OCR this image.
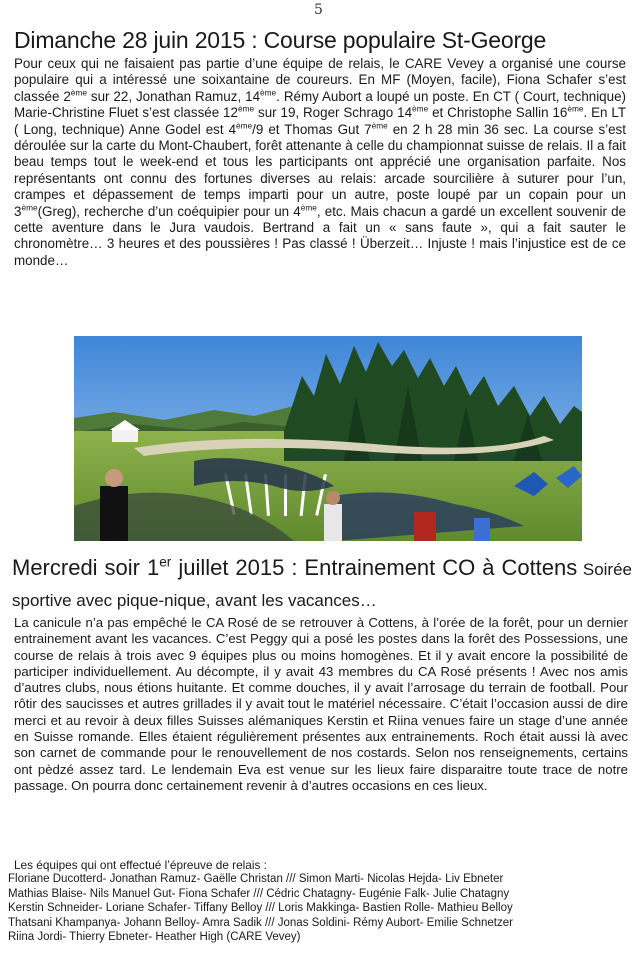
5
Dimanche 28 juin 2015 : Course populaire St-George
Pour ceux qui ne faisaient pas partie d’une équipe de relais, le CARE Vevey a organisé une course populaire qui a intéressé une soixantaine de coureurs. En MF (Moyen, facile), Fiona Schafer s’est classée 2ème sur 22, Jonathan Ramuz, 14ème. Rémy Aubort a loupé un poste. En CT ( Court, technique) Marie-Christine Fluet s’est classée 12ème sur 19, Roger Schrago 14ème et Christophe Sallin 16ème. En LT ( Long, technique) Anne Godel est 4ème/9 et Thomas Gut 7ème en 2 h 28 min 36 sec. La course s’est déroulée sur la carte du Mont-Chaubert, forêt attenante à celle du championnat suisse de relais. Il a fait beau temps tout le week-end et tous les participants ont apprécié une organisation parfaite. Nos représentants ont connu des fortunes diverses au relais: arcade sourcilière à suturer pour l’un, crampes et dépassement de temps imparti pour un autre, poste loupé par un copain pour un 3ème(Greg), recherche d’un coéquipier pour un 4ème, etc. Mais chacun a gardé un excellent souvenir de cette aventure dans le Jura vaudois. Bertrand a fait un « sans faute », qui a fait sauter le chronomètre… 3 heures et des poussières ! Pas classé ! Überzeit… Injuste ! mais l’injustice est de ce monde…
Mercredi soir 1er juillet 2015 : Entrainement CO à Cottens Soirée sportive avec pique-nique, avant les vacances…
La canicule n’a pas empêché le CA Rosé de se retrouver à Cottens, à l’orée de la forêt, pour un dernier entrainement avant les vacances. C’est Peggy qui a posé les postes dans la forêt des Possessions, une course de relais à trois avec 9 équipes plus ou moins homogènes. Et il y avait encore la possibilité de participer individuellement. Au décompte, il y avait 43 membres du CA Rosé présents ! Avec nos amis d’autres clubs, nous étions huitante. Et comme douches, il y avait l’arrosage du terrain de football. Pour rôtir des saucisses et autres grillades il y avait tout le matériel nécessaire. C’était l’occasion aussi de dire merci et au revoir à deux filles Suisses alémaniques Kerstin et Riina venues faire un stage d’une année en Suisse romande. Elles étaient régulièrement présentes aux entrainements. Roch était aussi là avec son carnet de commande pour le renouvellement de nos costards. Selon nos renseignements, certains ont pèdzé assez tard. Le lendemain Eva est venue sur les lieux faire disparaitre toute trace de notre passage. On pourra donc certainement revenir à d’autres occasions en ces lieux.
Les équipes qui ont effectué l’épreuve de relais :
Floriane Ducotterd- Jonathan Ramuz- Gaëlle Christan /// Simon Marti- Nicolas Hejda- Liv Ebneter
Mathias Blaise- Nils Manuel Gut- Fiona Schafer /// Cédric Chatagny- Eugénie Falk- Julie Chatagny
Kerstin Schneider- Loriane Schafer- Tiffany Belloy /// Loris Makkinga- Bastien Rolle- Mathieu Belloy
Thatsani Khampanya- Johann Belloy- Amra Sadik /// Jonas Soldini- Rémy Aubort- Emilie Schnetzer
Riina Jordi- Thierry Ebneter- Heather High (CARE Vevey)
